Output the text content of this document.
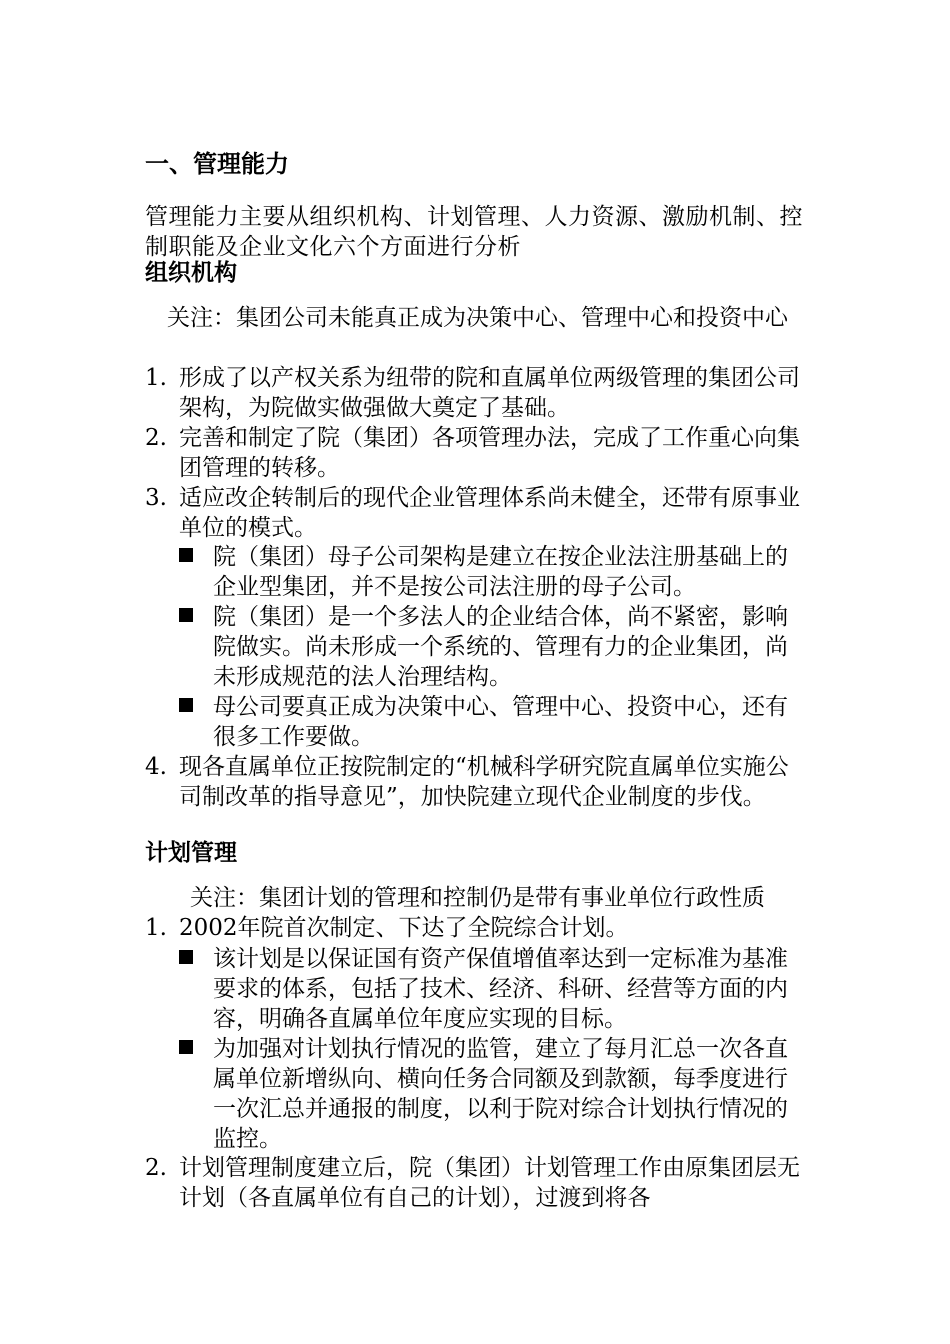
一、管理能力
管理能力主要从组织机构、计划管理、人力资源、激励机制、控制职能及企业文化六个方面进行分析
组织机构
关注：集团公司未能真正成为决策中心、管理中心和投资中心
1. 形成了以产权关系为纽带的院和直属单位两级管理的集团公司架构，为院做实做强做大奠定了基础。
2. 完善和制定了院（集团）各项管理办法，完成了工作重心向集团管理的转移。
3. 适应改企转制后的现代企业管理体系尚未健全，还带有原事业单位的模式。
院（集团）母子公司架构是建立在按企业法注册基础上的企业型集团，并不是按公司法注册的母子公司。
院（集团）是一个多法人的企业结合体，尚不紧密，影响院做实。尚未形成一个系统的、管理有力的企业集团，尚未形成规范的法人治理结构。
母公司要真正成为决策中心、管理中心、投资中心，还有很多工作要做。
4. 现各直属单位正按院制定的“机械科学研究院直属单位实施公司制改革的指导意见”，加快院建立现代企业制度的步伐。
计划管理
关注：集团计划的管理和控制仍是带有事业单位行政性质
1. 2002年院首次制定、下达了全院综合计划。
该计划是以保证国有资产保值增值率达到一定标准为基准要求的体系，包括了技术、经济、科研、经营等方面的内容，明确各直属单位年度应实现的目标。
为加强对计划执行情况的监管，建立了每月汇总一次各直属单位新增纵向、横向任务合同额及到款额，每季度进行一次汇总并通报的制度，以利于院对综合计划执行情况的监控。
2. 计划管理制度建立后，院（集团）计划管理工作由原集团层无计划（各直属单位有自己的计划），过渡到将各
